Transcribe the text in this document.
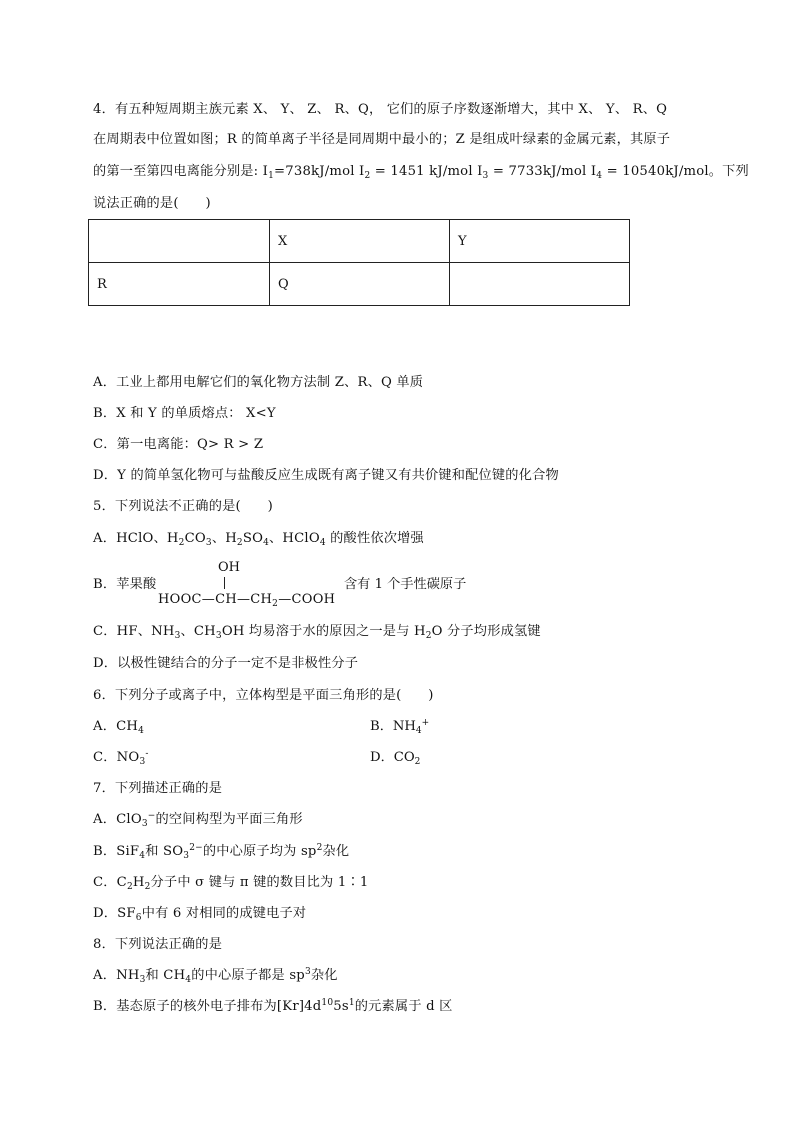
4．有五种短周期主族元素 X、 Y、 Z、 R、Q， 它们的原子序数逐渐增大，其中 X、 Y、 R、Q
在周期表中位置如图；R 的简单离子半径是同周期中最小的；Z 是组成叶绿素的金属元素，其原子
的第一至第四电离能分别是: $I_1=738kJ$/mol $I_2 = 1451$ kJ/mol $I_3 = 7733kJ/mol$ $I_4 = 10540kJ/mol$。下列
说法正确的是(　　)
	X	Y
R	Q	
A．工业上都用电解它们的氧化物方法制 Z、R、Q 单质
B．X 和 Y 的单质熔点： X<Y
C．第一电离能：Q> R > Z
D．Y 的简单氢化物可与盐酸反应生成既有离子键又有共价键和配位键的化合物
5．下列说法不正确的是(　　)
A．HClO、$H_2CO_3$、$H_2SO_4$、HClO$_4$ 的酸性依次增强
B．苹果酸
OH
$HOOC—CH—CH_2—COOH$
含有 1 个手性碳原子
C．HF、$NH_3$、$CH_3OH$ 均易溶于水的原因之一是与 $H_2O$ 分子均形成氢键
D．以极性键结合的分子一定不是非极性分子
6．下列分子或离子中，立体构型是平面三角形的是(　　)
A．$CH_4$	B．$NH_4^+$
C．$NO_3^-$	D．$CO_2$
7．下列描述正确的是
A．ClO$_3$−的空间构型为平面三角形
B．SiF$_4$和 $SO_3^{2-}$的中心原子均为 $sp^2$杂化
C．$C_2H_2$分子中 σ 键与 π 键的数目比为 1∶1
D．$SF_6$中有 6 对相同的成键电子对
8．下列说法正确的是
A．$NH_3$和 $CH_4$的中心原子都是 $sp^3$杂化
B．基态原子的核外电子排布为$[Kr]4d^{10}5s^1$的元素属于 d 区
